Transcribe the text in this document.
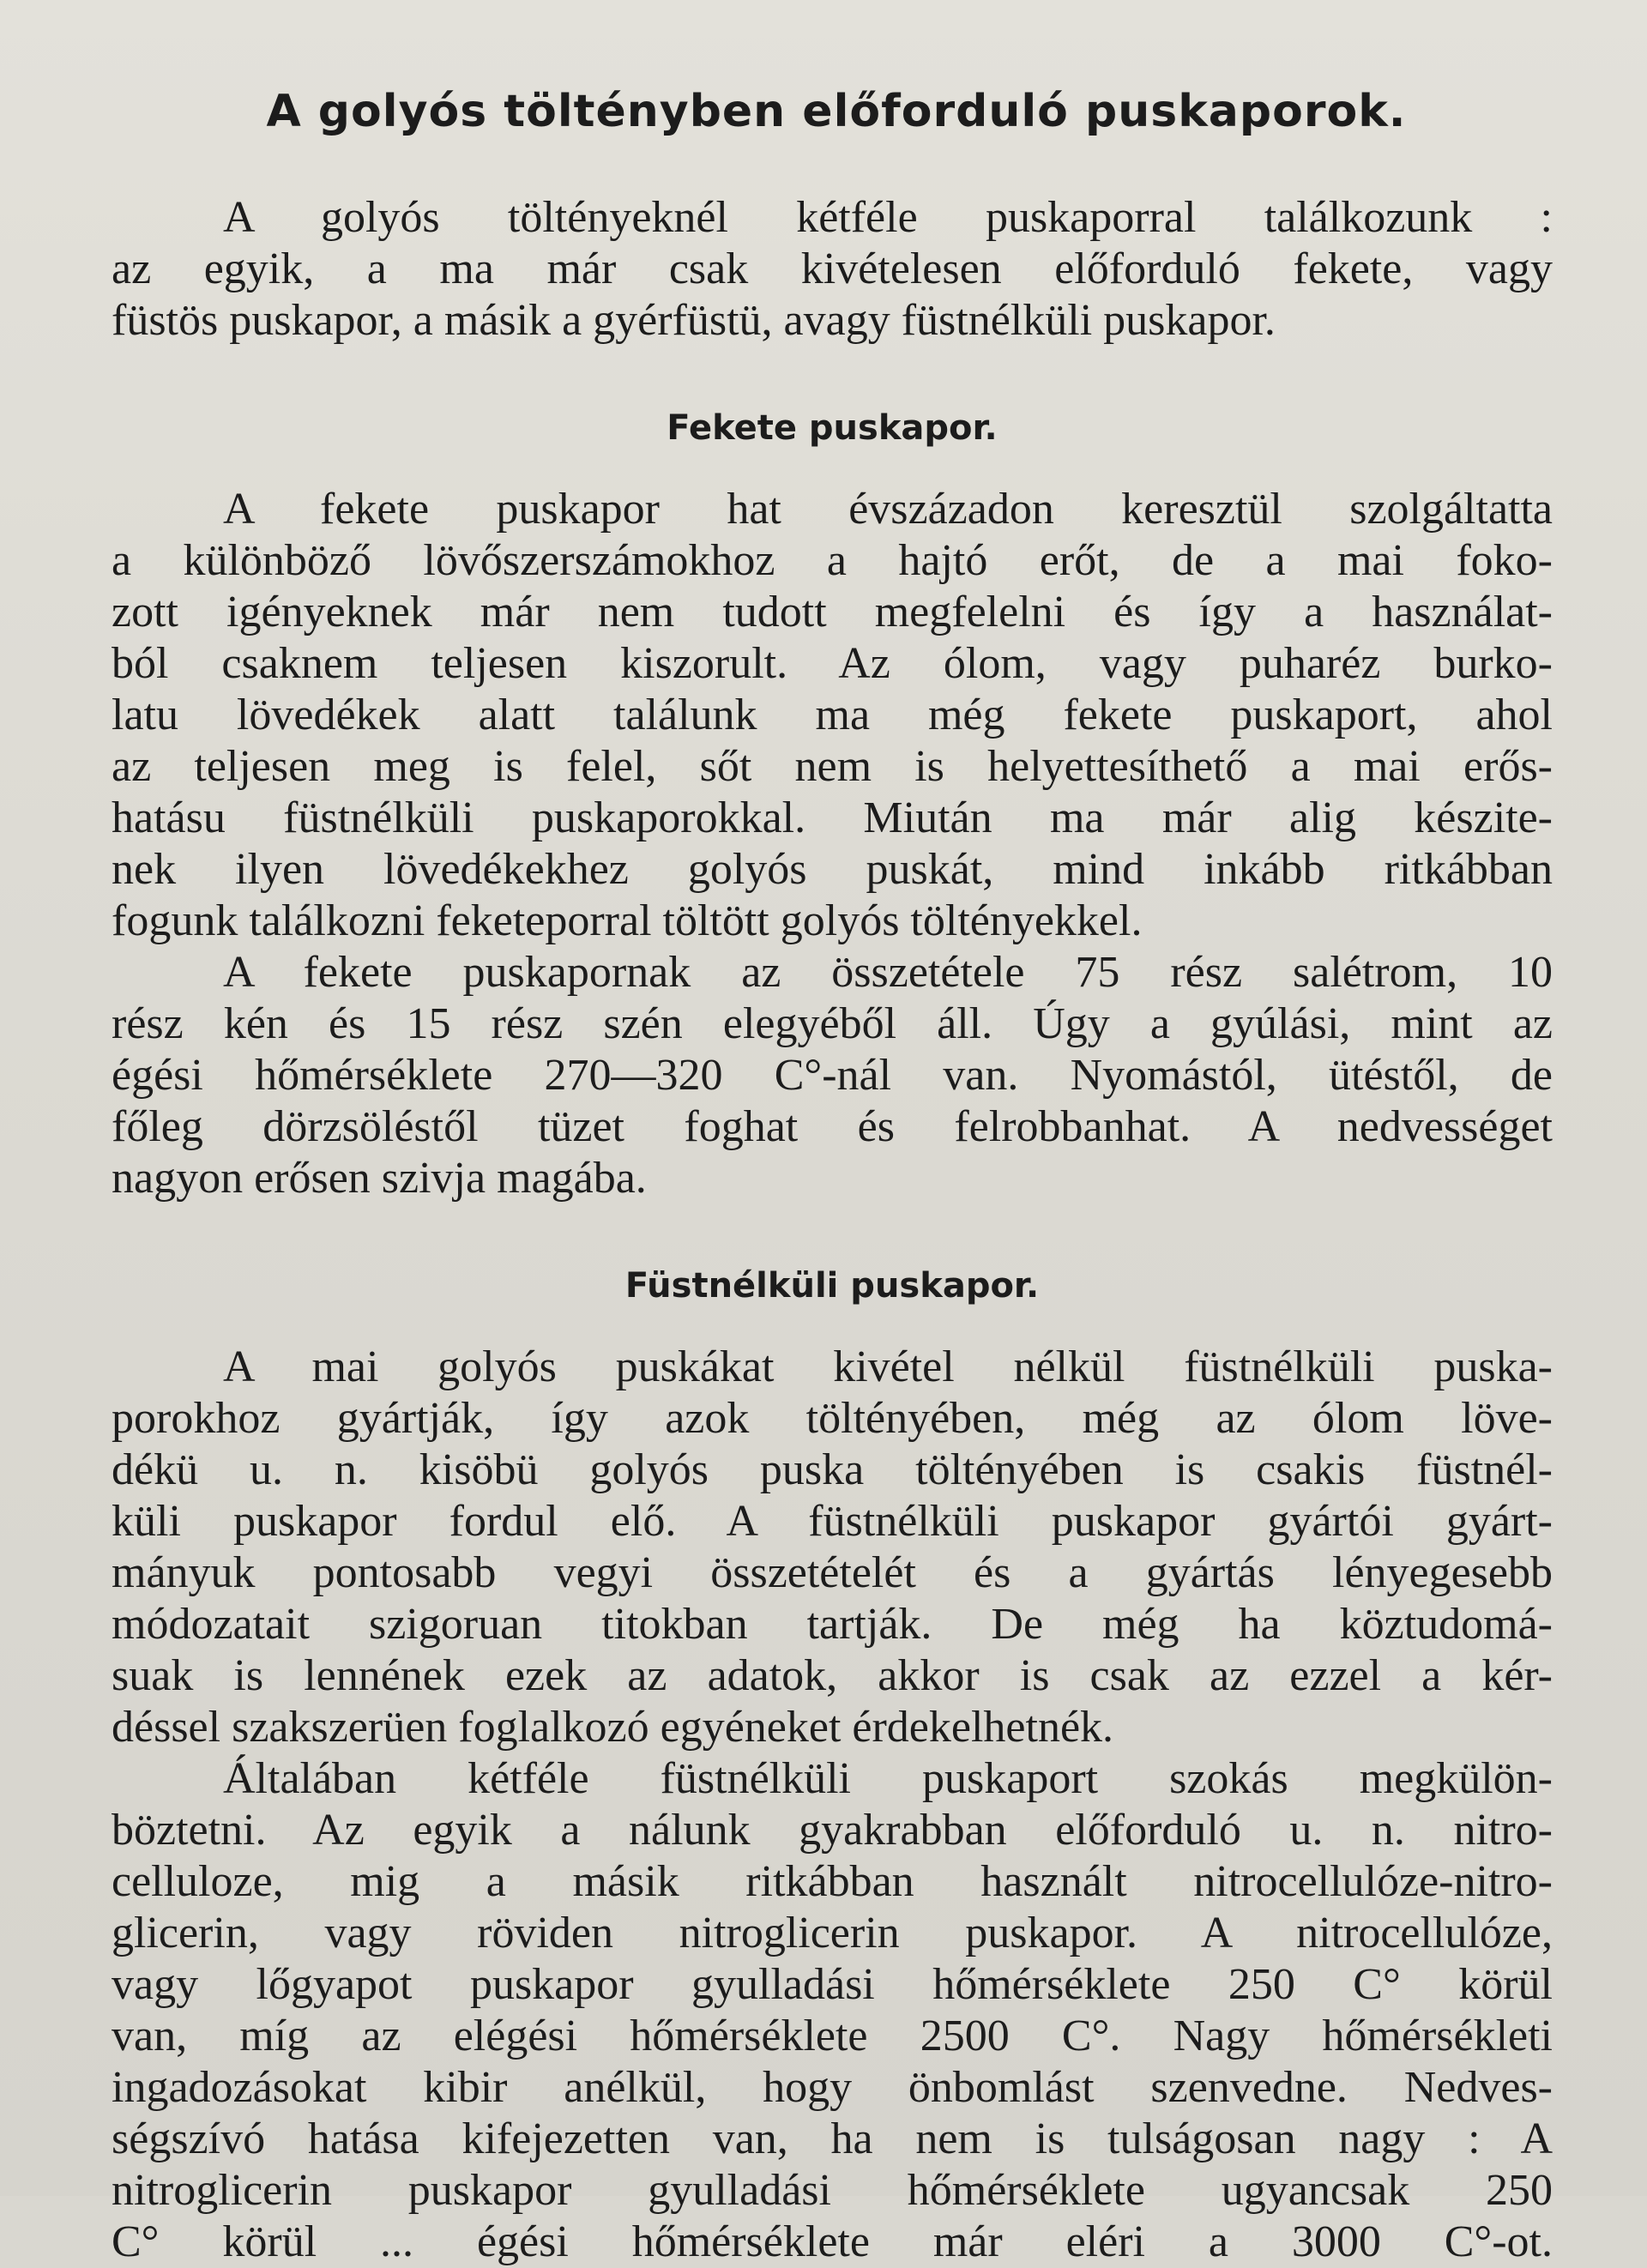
A golyós töltényben előforduló puskaporok.

A golyós töltényeknél kétféle puskaporral találkozunk :
az egyik, a ma már csak kivételesen előforduló fekete, vagy
füstös puskapor, a másik a gyérfüstü, avagy füstnélküli puskapor.

Fekete puskapor.

A fekete puskapor hat évszázadon keresztül szolgáltatta
a különböző lövőszerszámokhoz a hajtó erőt, de a mai foko-
zott igényeknek már nem tudott megfelelni és így a használat-
ból csaknem teljesen kiszorult. Az ólom, vagy puharéz burko-
latu lövedékek alatt találunk ma még fekete puskaport, ahol
az teljesen meg is felel, sőt nem is helyettesíthető a mai erős-
hatásu füstnélküli puskaporokkal. Miután ma már alig készite-
nek ilyen lövedékekhez golyós puskát, mind inkább ritkábban
fogunk találkozni feketeporral töltött golyós töltényekkel.

A fekete puskapornak az összetétele 75 rész salétrom, 10
rész kén és 15 rész szén elegyéből áll. Úgy a gyúlási, mint az
égési hőmérséklete 270—320 C°-nál van. Nyomástól, ütéstől, de
főleg dörzsöléstől tüzet foghat és felrobbanhat. A nedvességet
nagyon erősen szivja magába.

Füstnélküli puskapor.

A mai golyós puskákat kivétel nélkül füstnélküli puska-
porokhoz gyártják, így azok töltényében, még az ólom löve-
dékü u. n. kisöbü golyós puska töltényében is csakis füstnél-
küli puskapor fordul elő. A füstnélküli puskapor gyártói gyárt-
mányuk pontosabb vegyi összetételét és a gyártás lényegesebb
módozatait szigoruan titokban tartják. De még ha köztudomá-
suak is lennének ezek az adatok, akkor is csak az ezzel a kér-
déssel szakszerüen foglalkozó egyéneket érdekelhetnék.

Általában kétféle füstnélküli puskaport szokás megkülön-
böztetni. Az egyik a nálunk gyakrabban előforduló u. n. nitro-
celluloze, mig a másik ritkábban használt nitrocellulóze-nitro-
glicerin, vagy röviden nitroglicerin puskapor. A nitrocellulóze,
vagy lőgyapot puskapor gyulladási hőmérséklete 250 C° körül
van, míg az elégési hőmérséklete 2500 C°. Nagy hőmérsékleti
ingadozásokat kibir anélkül, hogy önbomlást szenvedne. Nedves-
ségszívó hatása kifejezetten van, ha nem is tulságosan nagy : A
nitroglicerin puskapor gyulladási hőmérséklete ugyancsak 250
C° körül ... égési hőmérséklete már eléri a 3000 C°-ot.
